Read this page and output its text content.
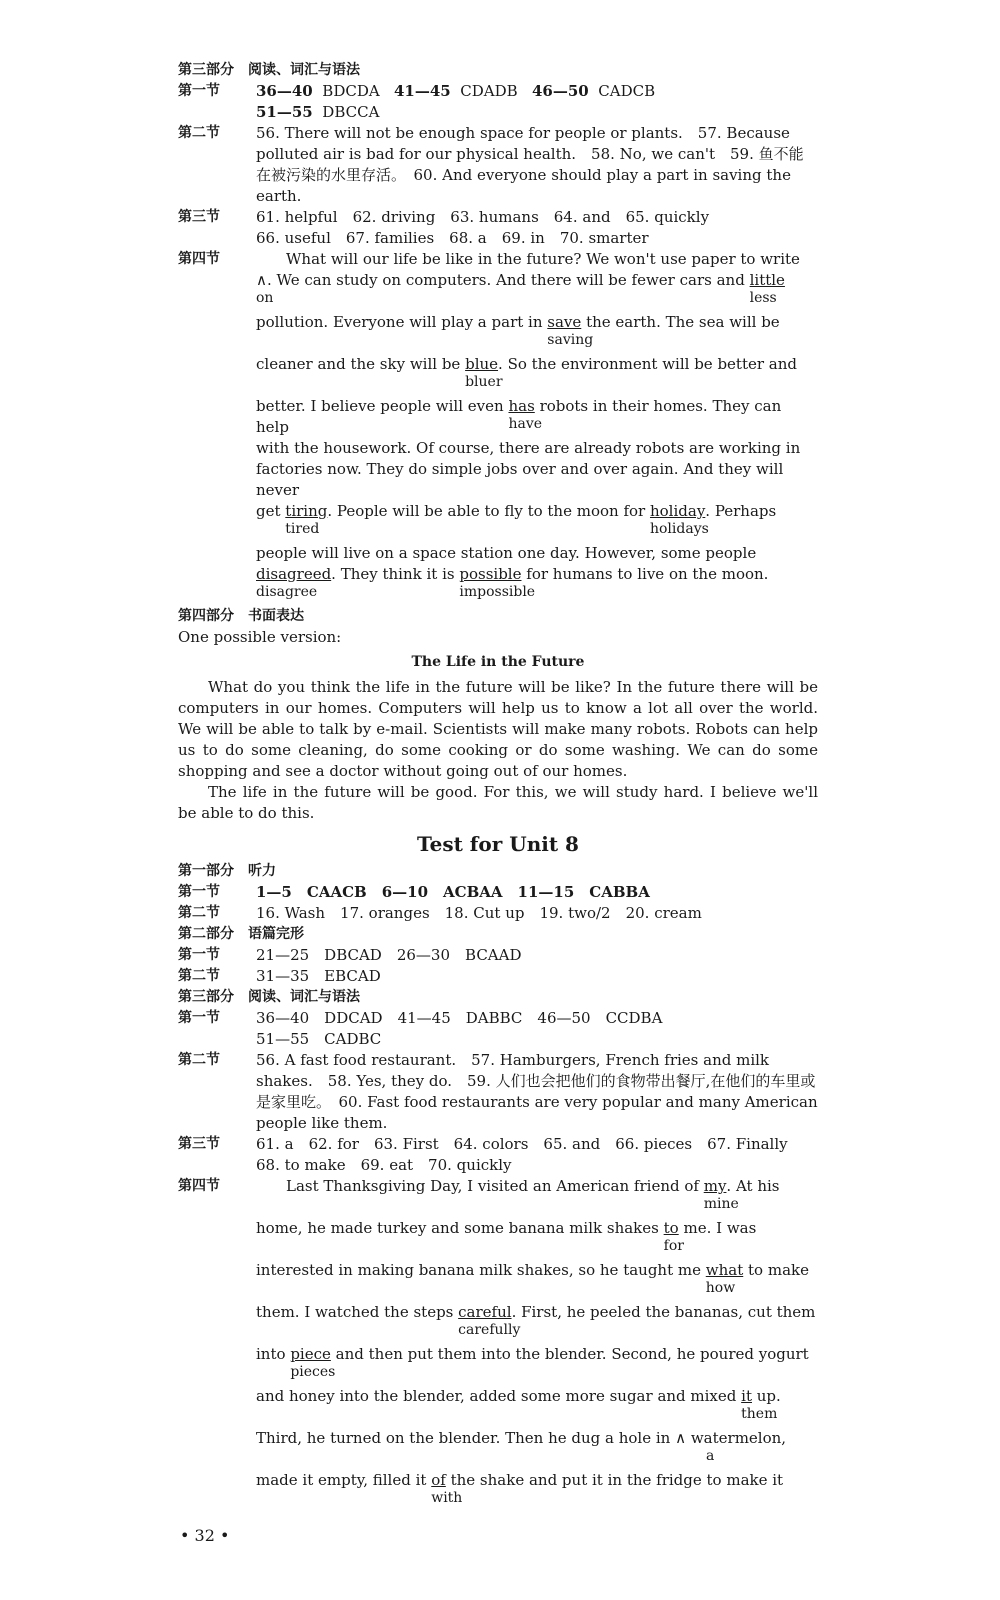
第三部分　阅读、词汇与语法
第一节	36—40 BDCDA 41—45 CDADB 46—50 CADCB
51—55 DBCCA
第二节	56. There will not be enough space for people or plants.　57. Because polluted air is bad for our physical health.　58. No, we can't　59. 鱼不能在被污染的水里存活。　60. And everyone should play a part in saving the earth.
第三节	61. helpful　62. driving　63. humans　64. and　65. quickly
66. useful　67. families　68. a　69. in　70. smarter
第四节	What will our life be like in the future? We won't use paper to write
∧. We can study on computers. And there will be fewer cars and little
less
on
pollution. Everyone will play a part in save
saving
the earth. The sea will be
cleaner and the sky will be blue
bluer
. So the environment will be better and
better. I believe people will even has
have
robots in their homes. They can help
with the housework. Of course, there are already robots are working in
factories now. They do simple jobs over and over again. And they will never
get tiring
tired
. People will be able to fly to the moon for holiday
holidays
. Perhaps
people will live on a space station one day. However, some people
disagreed
disagree
. They think it is possible
impossible
for humans to live on the moon.
第四部分　书面表达
One possible version:
The Life in the Future

What do you think the life in the future will be like? In the future there will be computers in our homes. Computers will help us to know a lot all over the world. We will be able to talk by e-mail. Scientists will make many robots. Robots can help us to do some cleaning, do some cooking or do some washing. We can do some shopping and see a doctor without going out of our homes.

The life in the future will be good. For this, we will study hard. I believe we'll be able to do this.

Test for Unit 8
第一部分　听力
第一节	1—5　CAACB　6—10　ACBAA　11—15　CABBA
第二节	16. Wash　17. oranges　18. Cut up　19. two/2　20. cream
第二部分　语篇完形
第一节	21—25　DBCAD　26—30　BCAAD
第二节	31—35　EBCAD
第三部分　阅读、词汇与语法
第一节	36—40　DDCAD　41—45　DABBC　46—50　CCDBA
51—55　CADBC
第二节	56. A fast food restaurant.　57. Hamburgers, French fries and milk shakes.　58. Yes, they do.　59. 人们也会把他们的食物带出餐厅,在他们的车里或是家里吃。　60. Fast food restaurants are very popular and many American people like them.
第三节	61. a　62. for　63. First　64. colors　65. and　66. pieces　67. Finally
68. to make　69. eat　70. quickly
第四节	Last Thanksgiving Day, I visited an American friend of my
mine
. At his
home, he made turkey and some banana milk shakes to
for
me. I was
interested in making banana milk shakes, so he taught me what
how
to make
them. I watched the steps careful
carefully
. First, he peeled the bananas, cut them
into piece
pieces
and then put them into the blender. Second, he poured yogurt
and honey into the blender, added some more sugar and mixed it
them
up.
Third, he turned on the blender. Then he dug a hole in ∧ watermelon,
a
made it empty, filled it of
with
the shake and put it in the fridge to make it
• 32 •
